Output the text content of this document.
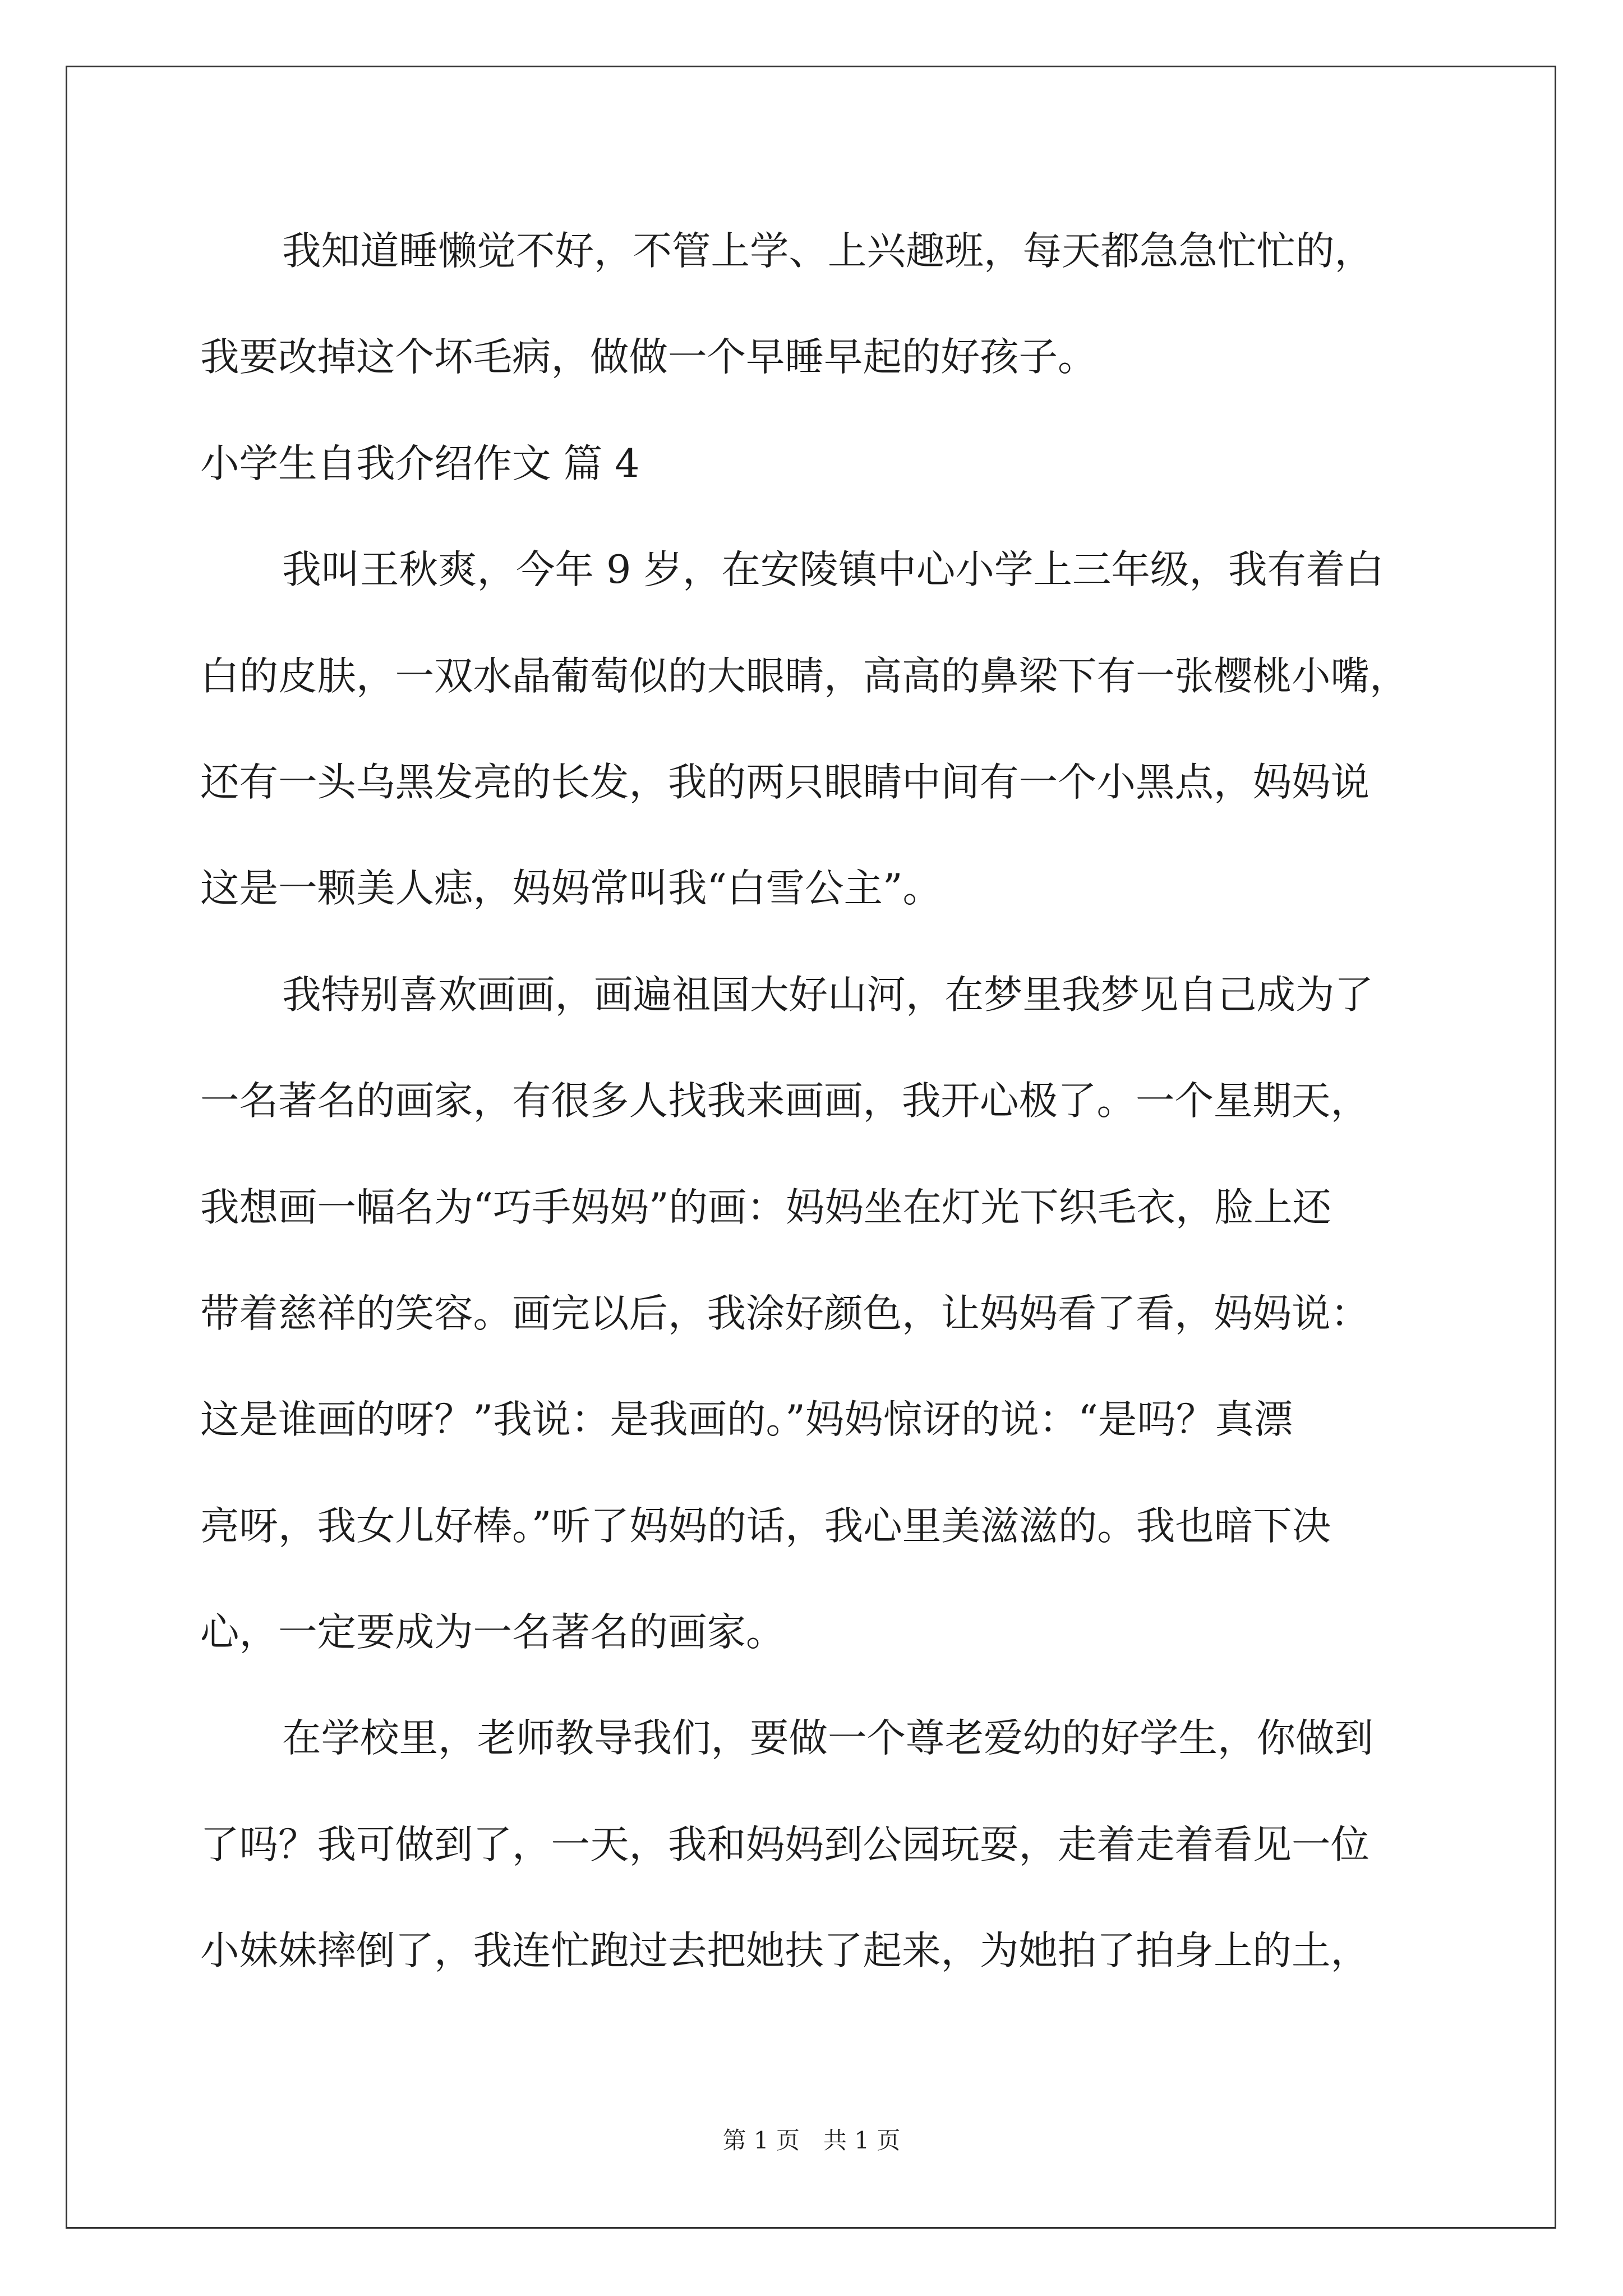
我知道睡懒觉不好，不管上学、上兴趣班，每天都急急忙忙的，
我要改掉这个坏毛病，做做一个早睡早起的好孩子。
小学生自我介绍作文 篇 4
我叫王秋爽，今年 9 岁，在安陵镇中心小学上三年级，我有着白
白的皮肤，一双水晶葡萄似的大眼睛，高高的鼻梁下有一张樱桃小嘴，
还有一头乌黑发亮的长发，我的两只眼睛中间有一个小黑点，妈妈说
这是一颗美人痣，妈妈常叫我“白雪公主”。
我特别喜欢画画，画遍祖国大好山河，在梦里我梦见自己成为了
一名著名的画家，有很多人找我来画画，我开心极了。一个星期天，
我想画一幅名为“巧手妈妈”的画：妈妈坐在灯光下织毛衣，脸上还
带着慈祥的笑容。画完以后，我涂好颜色，让妈妈看了看，妈妈说：
这是谁画的呀？”我说：是我画的。”妈妈惊讶的说：“是吗？真漂
亮呀，我女儿好棒。”听了妈妈的话，我心里美滋滋的。我也暗下决
心，一定要成为一名著名的画家。
在学校里，老师教导我们，要做一个尊老爱幼的好学生，你做到
了吗？我可做到了，一天，我和妈妈到公园玩耍，走着走着看见一位
小妹妹摔倒了，我连忙跑过去把她扶了起来，为她拍了拍身上的土，
第 1 页 共 1 页
